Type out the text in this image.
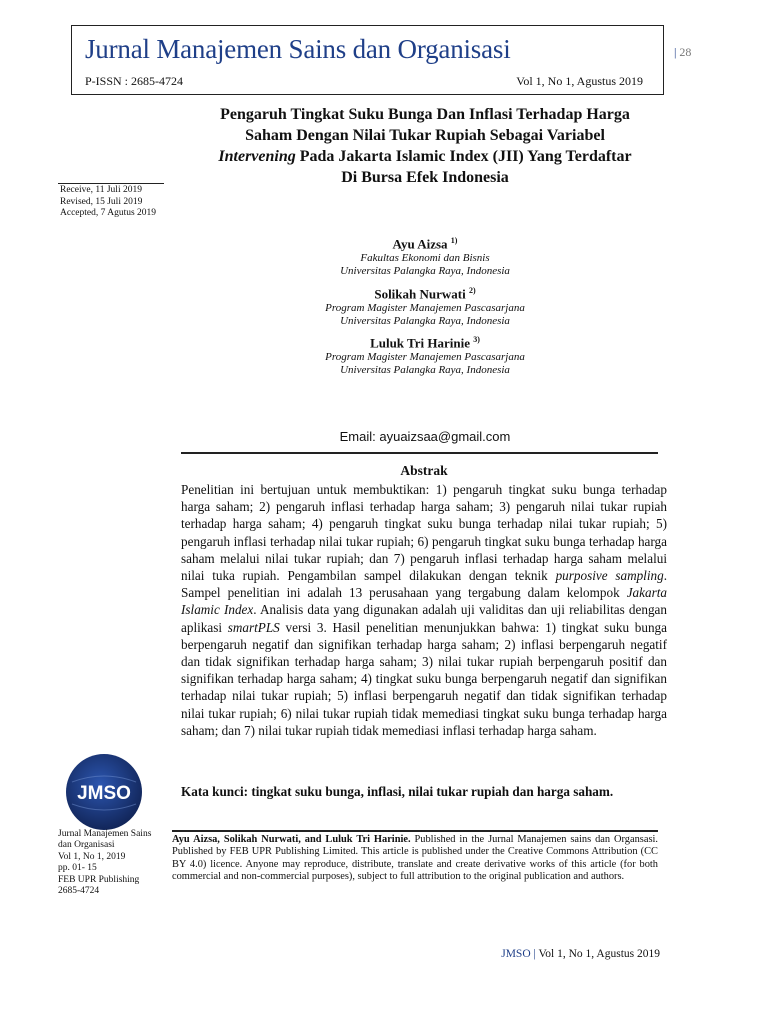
Jurnal Manajemen Sains dan Organisasi
P-ISSN : 2685-4724	Vol 1, No 1, Agustus 2019
| 28
Pengaruh Tingkat Suku Bunga Dan Inflasi Terhadap Harga
Saham Dengan Nilai Tukar Rupiah Sebagai Variabel
Intervening Pada Jakarta Islamic Index (JII) Yang Terdaftar
Di Bursa Efek Indonesia
Receive, 11 Juli 2019
Revised, 15 Juli 2019
Accepted, 7 Agutus 2019
Ayu Aizsa $^{1)}$
Fakultas Ekonomi dan Bisnis
Universitas Palangka Raya, Indonesia
Solikah Nurwati $^{2)}$
Program Magister Manajemen Pascasarjana
Universitas Palangka Raya, Indonesia
Luluk Tri Harinie $^{3)}$
Program Magister Manajemen Pascasarjana
Universitas Palangka Raya, Indonesia
Email: ayuaizsaa@gmail.com
Abstrak
Penelitian ini bertujuan untuk membuktikan: 1) pengaruh tingkat suku bunga terhadap harga saham; 2) pengaruh inflasi terhadap harga saham; 3) pengaruh nilai tukar rupiah terhadap harga saham; 4) pengaruh tingkat suku bunga terhadap nilai tukar rupiah; 5) pengaruh inflasi terhadap nilai tukar rupiah; 6) pengaruh tingkat suku bunga terhadap harga saham melalui nilai tukar rupiah; dan 7) pengaruh inflasi terhadap harga saham melalui nilai tuka rupiah. Pengambilan sampel dilakukan dengan teknik purposive sampling. Sampel penelitian ini adalah 13 perusahaan yang tergabung dalam kelompok Jakarta Islamic Index. Analisis data yang digunakan adalah uji validitas dan uji reliabilitas dengan aplikasi smartPLS versi 3. Hasil penelitian menunjukkan bahwa: 1) tingkat suku bunga berpengaruh negatif dan signifikan terhadap harga saham; 2) inflasi berpengaruh negatif dan tidak signifikan terhadap harga saham; 3) nilai tukar rupiah berpengaruh positif dan signifikan terhadap harga saham; 4) tingkat suku bunga berpengaruh negatif dan signifikan terhadap nilai tukar rupiah; 5) inflasi berpengaruh negatif dan tidak signifikan terhadap nilai tukar rupiah; 6) nilai tukar rupiah tidak memediasi tingkat suku bunga terhadap harga saham; dan 7) nilai tukar rupiah tidak memediasi inflasi terhadap harga saham.
Kata kunci: tingkat suku bunga, inflasi, nilai tukar rupiah dan harga saham.
JMSO
Jurnal Manajemen Sains
dan Organisasi
Vol 1, No 1, 2019
pp. 01- 15
FEB UPR Publishing
2685-4724
Ayu Aizsa, Solikah Nurwati, and Luluk Tri Harinie. Published in the Jurnal Manajemen sains dan Organsasi. Published by FEB UPR Publishing Limited. This article is published under the Creative Commons Attribution (CC BY 4.0) licence. Anyone may reproduce, distribute, translate and create derivative works of this article (for both commercial and non-commercial purposes), subject to full attribution to the original publication and authors.
JMSO | Vol 1, No 1, Agustus 2019
